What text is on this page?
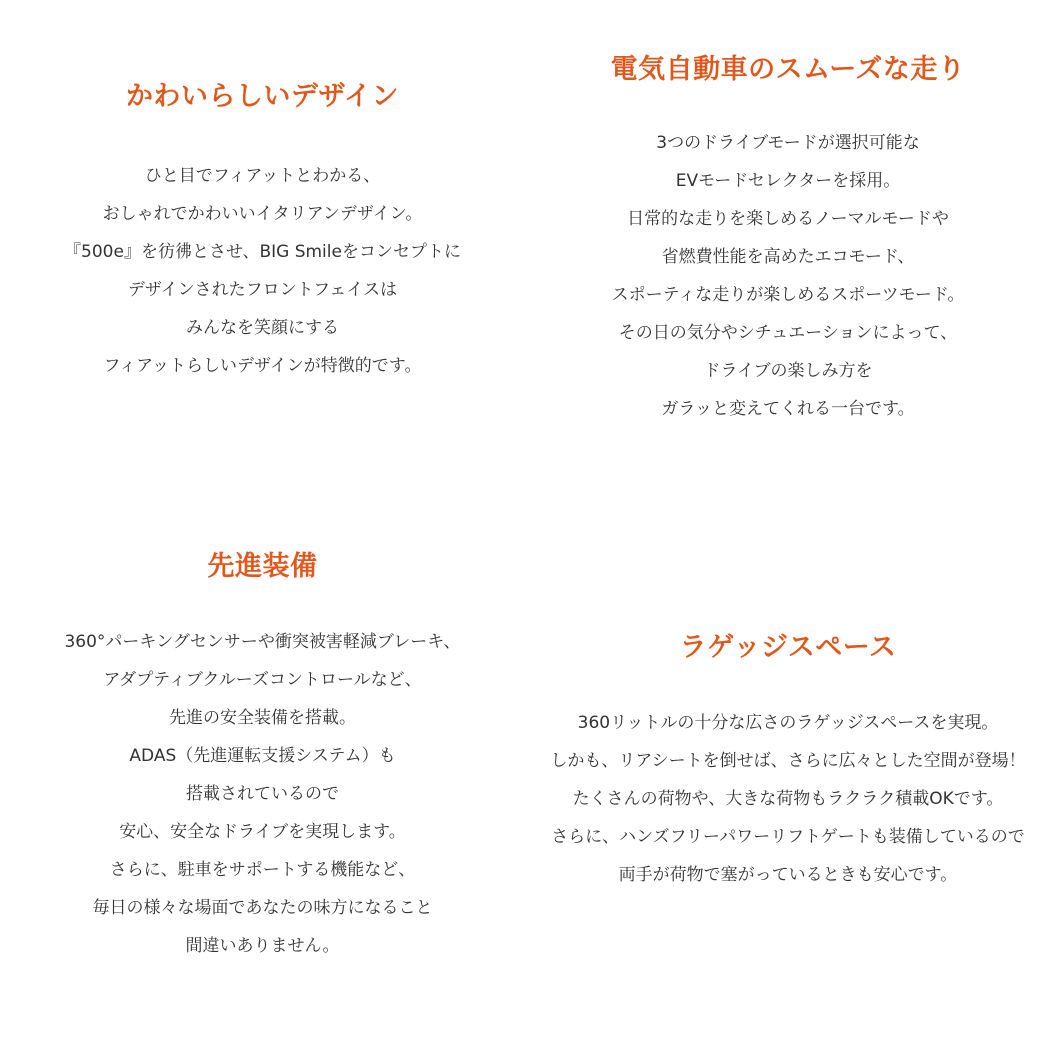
かわいらしいデザイン
ひと目でフィアットとわかる、
おしゃれでかわいいイタリアンデザイン。
『500e』を彷彿とさせ、BIG Smileをコンセプトに
デザインされたフロントフェイスは
みんなを笑顔にする
フィアットらしいデザインが特徴的です。
電気自動車のスムーズな走り
3つのドライブモードが選択可能な
EVモードセレクターを採用。
日常的な走りを楽しめるノーマルモードや
省燃費性能を高めたエコモード、
スポーティな走りが楽しめるスポーツモード。
その日の気分やシチュエーションによって、
ドライブの楽しみ方を
ガラッと変えてくれる一台です。
先進装備
360°パーキングセンサーや衝突被害軽減ブレーキ、
アダプティブクルーズコントロールなど、
先進の安全装備を搭載。
ADAS（先進運転支援システム）も
搭載されているので
安心、安全なドライブを実現します。
さらに、駐車をサポートする機能など、
毎日の様々な場面であなたの味方になること
間違いありません。
ラゲッジスペース
360リットルの十分な広さのラゲッジスペースを実現。
しかも、リアシートを倒せば、さらに広々とした空間が登場！
たくさんの荷物や、大きな荷物もラクラク積載OKです。
さらに、ハンズフリーパワーリフトゲートも装備しているので
両手が荷物で塞がっているときも安心です。
